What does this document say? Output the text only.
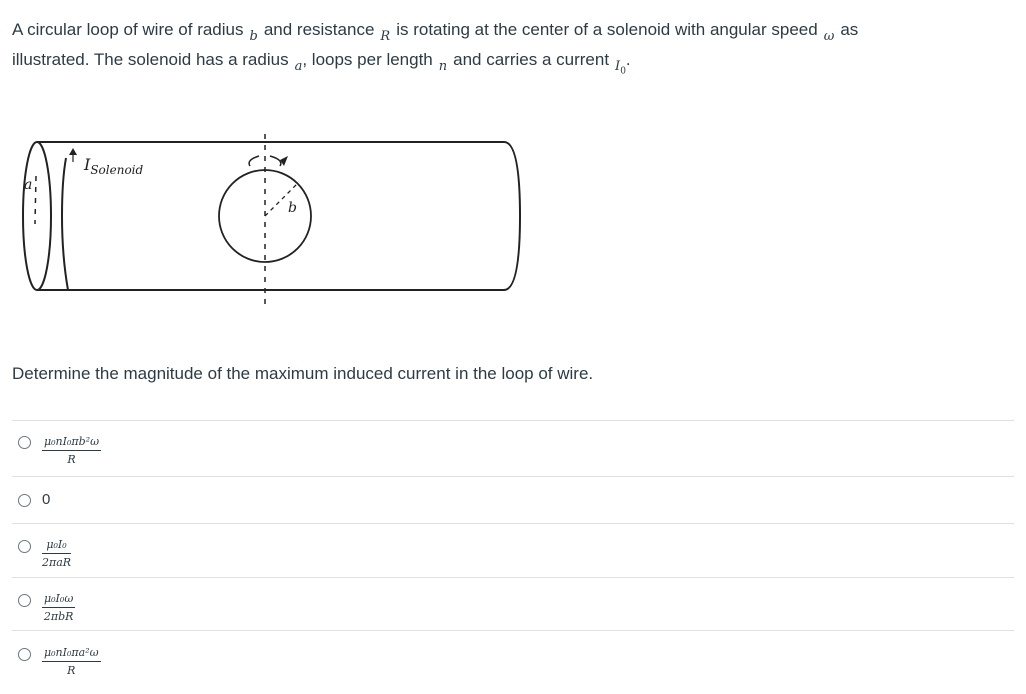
A circular loop of wire of radius $_b$ and resistance $_R$ is rotating at the center of a solenoid with angular speed $_\omega$ as
illustrated. The solenoid has a radius $_a$, loops per length $_n$ and carries a current $_{I_0}$.
a
$I_{Solenoid}$
b
Determine the magnitude of the maximum induced current in the loop of wire.
$\frac{\text{μ₀nI₀πb²ω}}{R}$
0
μ₀I₀
2πaR
μ₀I₀ω
2πbR
$\frac{\text{μ₀nI₀πa²ω}}{R}$
